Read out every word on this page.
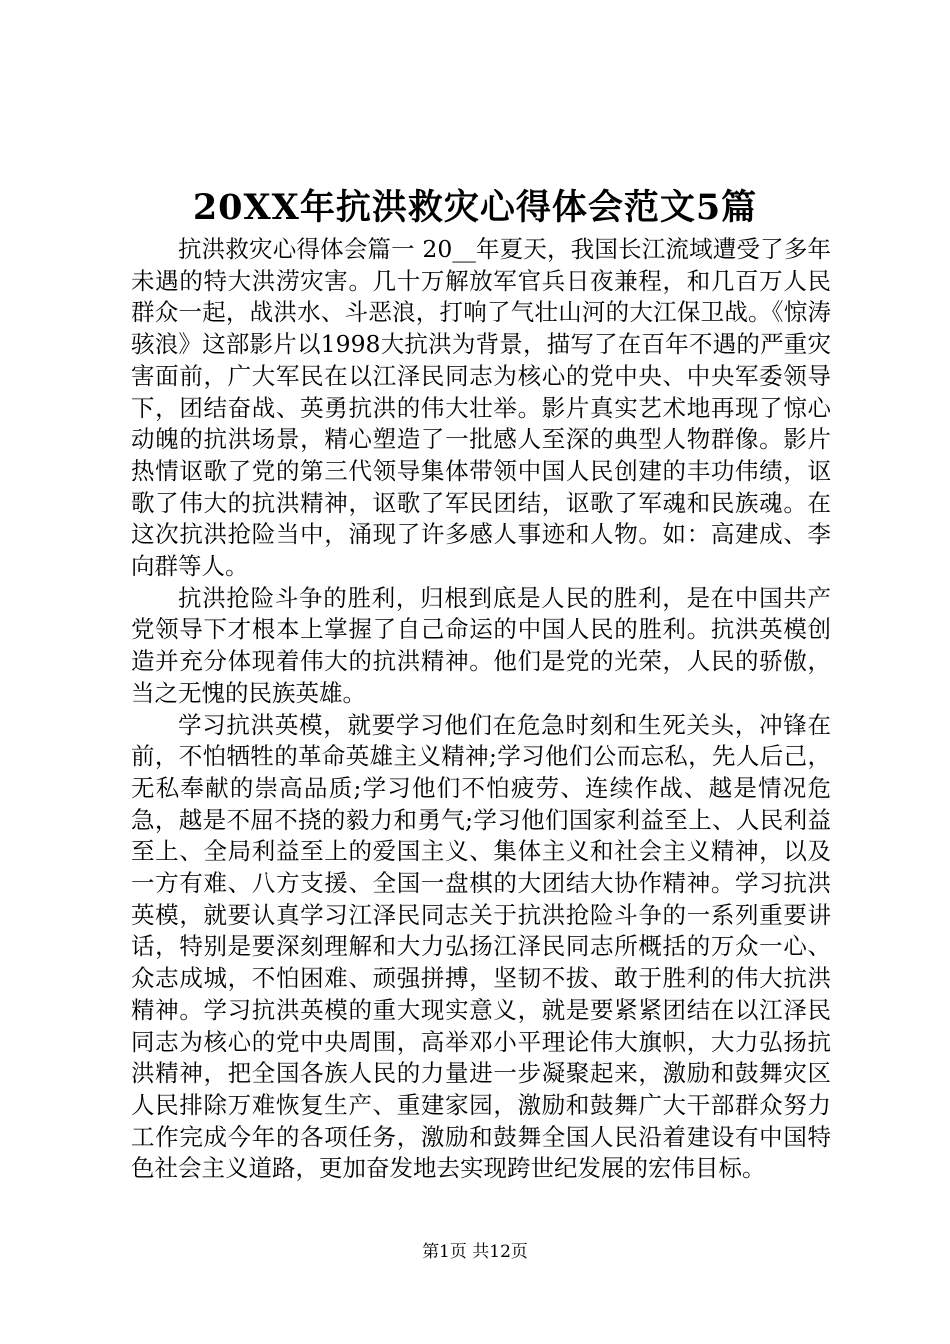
20XX年抗洪救灾心得体会范文5篇

抗洪救灾心得体会篇一 20__年夏天，我国长江流域遭受了多年未遇的特大洪涝灾害。几十万解放军官兵日夜兼程，和几百万人民群众一起，战洪水、斗恶浪，打响了气壮山河的大江保卫战。《惊涛骇浪》这部影片以1998大抗洪为背景，描写了在百年不遇的严重灾害面前，广大军民在以江泽民同志为核心的党中央、中央军委领导下，团结奋战、英勇抗洪的伟大壮举。影片真实艺术地再现了惊心动魄的抗洪场景，精心塑造了一批感人至深的典型人物群像。影片热情讴歌了党的第三代领导集体带领中国人民创建的丰功伟绩，讴歌了伟大的抗洪精神，讴歌了军民团结，讴歌了军魂和民族魂。在这次抗洪抢险当中，涌现了许多感人事迹和人物。如：高建成、李向群等人。

抗洪抢险斗争的胜利，归根到底是人民的胜利，是在中国共产党领导下才根本上掌握了自己命运的中国人民的胜利。抗洪英模创造并充分体现着伟大的抗洪精神。他们是党的光荣，人民的骄傲，当之无愧的民族英雄。

学习抗洪英模，就要学习他们在危急时刻和生死关头，冲锋在前，不怕牺牲的革命英雄主义精神;学习他们公而忘私，先人后己，无私奉献的崇高品质;学习他们不怕疲劳、连续作战、越是情况危急，越是不屈不挠的毅力和勇气;学习他们国家利益至上、人民利益至上、全局利益至上的爱国主义、集体主义和社会主义精神，以及一方有难、八方支援、全国一盘棋的大团结大协作精神。学习抗洪英模，就要认真学习江泽民同志关于抗洪抢险斗争的一系列重要讲话，特别是要深刻理解和大力弘扬江泽民同志所概括的万众一心、众志成城，不怕困难、顽强拼搏，坚韧不拔、敢于胜利的伟大抗洪精神。学习抗洪英模的重大现实意义，就是要紧紧团结在以江泽民同志为核心的党中央周围，高举邓小平理论伟大旗帜，大力弘扬抗洪精神，把全国各族人民的力量进一步凝聚起来，激励和鼓舞灾区人民排除万难恢复生产、重建家园，激励和鼓舞广大干部群众努力工作完成今年的各项任务，激励和鼓舞全国人民沿着建设有中国特色社会主义道路，更加奋发地去实现跨世纪发展的宏伟目标。

第1页 共12页
